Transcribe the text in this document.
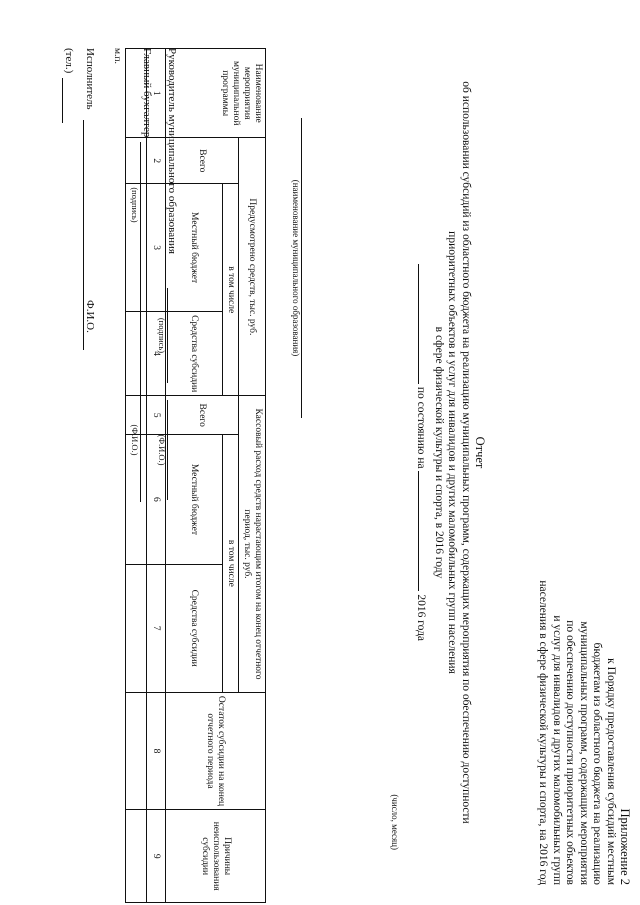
Приложение 2
к Порядку предоставления субсидий местным
бюджетам из областного бюджета на реализацию
муниципальных программ, содержащих мероприятия
по обеспечению доступности приоритетных объектов
и услуг для инвалидов и других маломобильных групп
населения в сфере физической культуры и спорта, на 2016 год
Отчет
об использовании субсидий из областного бюджета на реализацию муниципальных программ, содержащих мероприятия по обеспечению доступности
приоритетных объектов и услуг для инвалидов и других маломобильных групп населения
в сфере физической культуры и спорта, в 2016 году
по состоянию на  2016 года
(число, месяц)
(наименование муниципального образования)
Наименование мероприятия муниципальной программы	Предусмотрено средств, тыс. руб.			Кассовый расход средств нарастающим итогом на конец отчетного период, тыс. руб.			Остаток субсидии на конец отчетного периода	Причины неиспользования субсидии
	Всего	в том числе		Всего	в том числе			
		Местный бюджет	Средства субсидии		Местный бюджет	Средства субсидии		
1	2	3	4	5	6	7	8	9

Руководитель муниципального образования
(подпись)
(Ф.И.О.)
Главный бухгалтер
(подпись)
(Ф.И.О.)
м.п.
Исполнитель
Ф.И.О.
(тел.)
